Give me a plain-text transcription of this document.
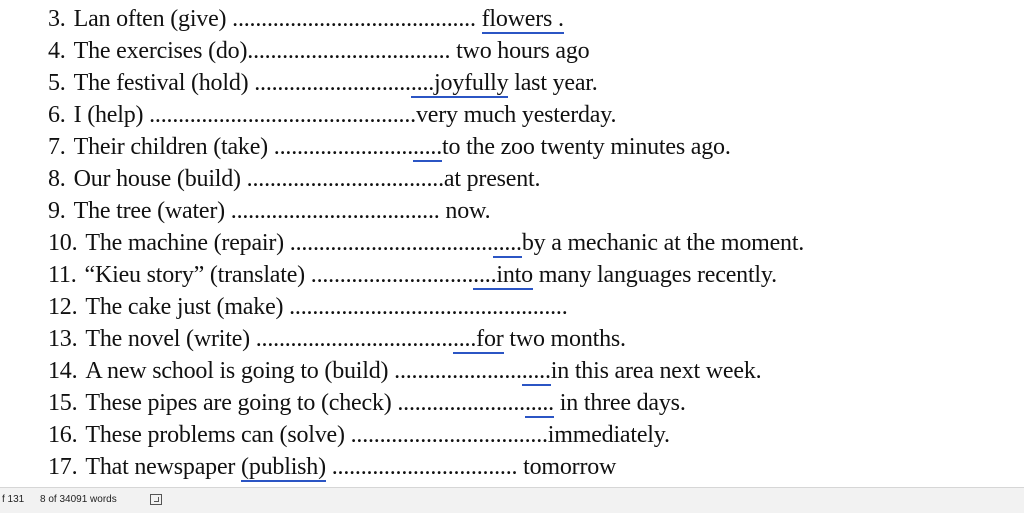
3. Lan often (give) .......................................... flowers .
4. The exercises (do)................................... two hours ago
5. The festival (hold) ...............................joyfully last year.
6. I (help) ..............................................very much yesterday.
7. Their children (take) .............................to the zoo twenty minutes ago.
8. Our house (build) ..................................at present.
9. The tree (water) .................................... now.
10. The machine (repair) ........................................by a mechanic at the moment.
11. “Kieu story” (translate) ................................into many languages recently.
12. The cake just (make) ................................................
13. The novel (write) ......................................for two months.
14. A new school is going to (build) ...........................in this area next week.
15. These pipes are going to (check) ........................... in three days.
16. These problems can (solve) ..................................immediately.
17. That newspaper (publish) ................................ tomorrow
f 131 8 of 34091 words
